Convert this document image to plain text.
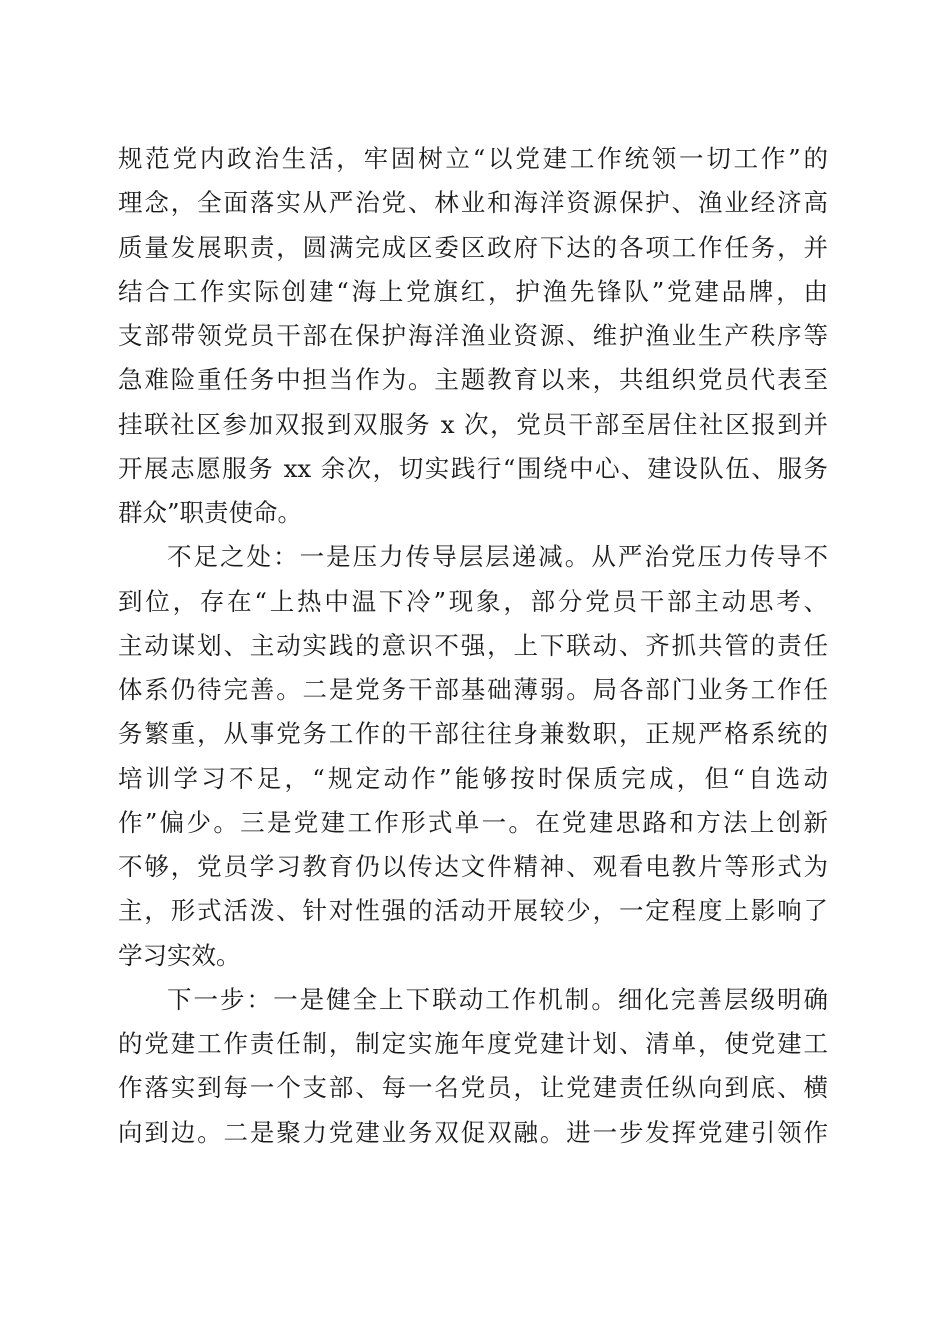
规范党内政治生活，牢固树立“以党建工作统领一切工作”的
理念，全面落实从严治党、林业和海洋资源保护、渔业经济高
质量发展职责，圆满完成区委区政府下达的各项工作任务，并
结合工作实际创建“海上党旗红，护渔先锋队”党建品牌，由
支部带领党员干部在保护海洋渔业资源、维护渔业生产秩序等
急难险重任务中担当作为。主题教育以来，共组织党员代表至
挂联社区参加双报到双服务 x 次，党员干部至居住社区报到并
开展志愿服务 xx 余次，切实践行“围绕中心、建设队伍、服务
群众”职责使命。
不足之处：一是压力传导层层递减。从严治党压力传导不
到位，存在“上热中温下冷”现象，部分党员干部主动思考、
主动谋划、主动实践的意识不强，上下联动、齐抓共管的责任
体系仍待完善。二是党务干部基础薄弱。局各部门业务工作任
务繁重，从事党务工作的干部往往身兼数职，正规严格系统的
培训学习不足，“规定动作”能够按时保质完成，但“自选动
作”偏少。三是党建工作形式单一。在党建思路和方法上创新
不够，党员学习教育仍以传达文件精神、观看电教片等形式为
主，形式活泼、针对性强的活动开展较少，一定程度上影响了
学习实效。
下一步：一是健全上下联动工作机制。细化完善层级明确
的党建工作责任制，制定实施年度党建计划、清单，使党建工
作落实到每一个支部、每一名党员，让党建责任纵向到底、横
向到边。二是聚力党建业务双促双融。进一步发挥党建引领作
